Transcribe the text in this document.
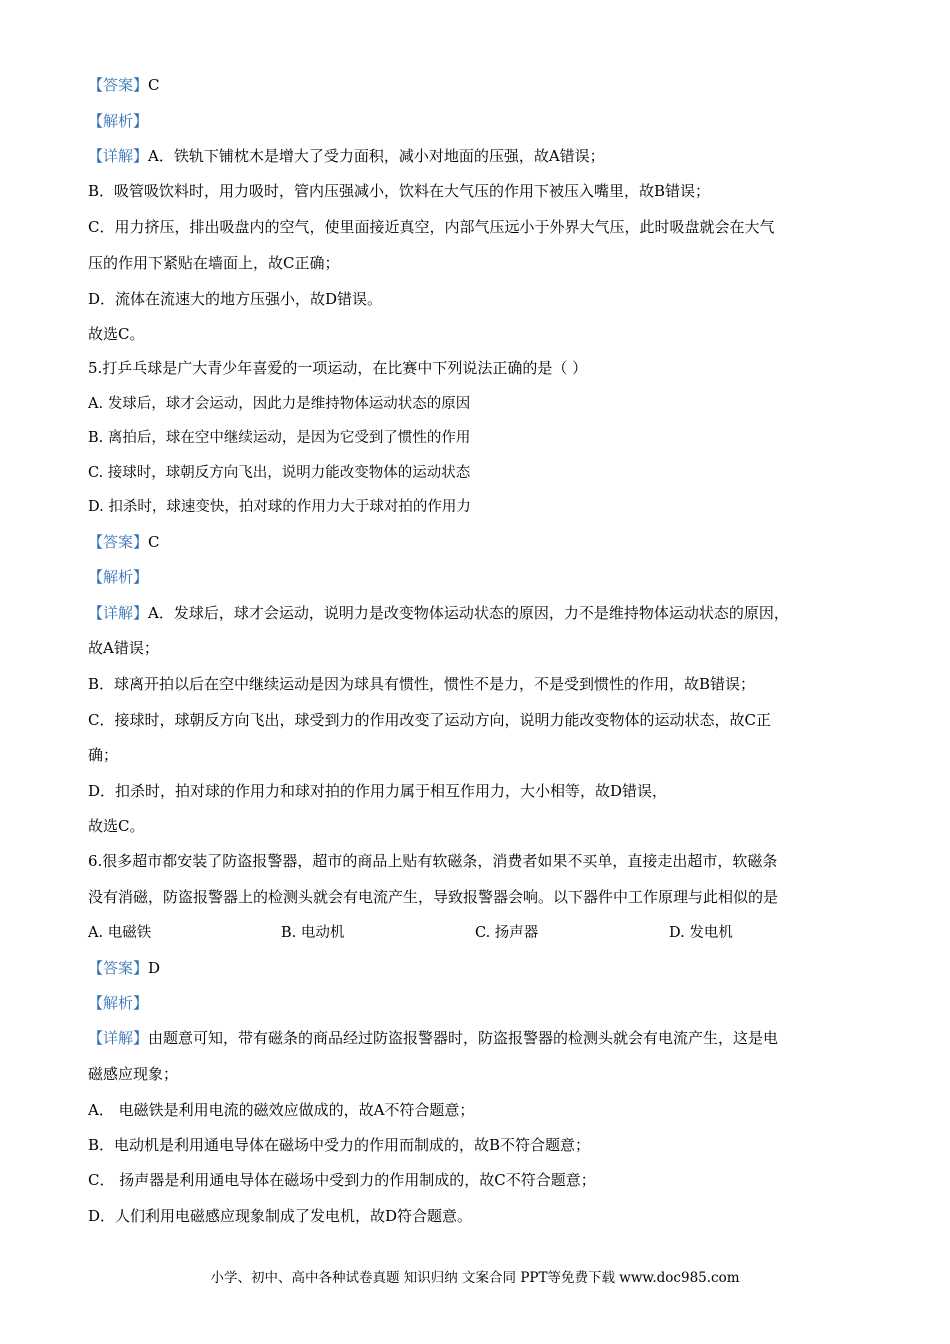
【答案】C
【解析】
【详解】A．铁轨下铺枕木是增大了受力面积，减小对地面的压强，故A错误；
B．吸管吸饮料时，用力吸时，管内压强减小，饮料在大气压的作用下被压入嘴里，故B错误；
C．用力挤压，排出吸盘内的空气，使里面接近真空，内部气压远小于外界大气压，此时吸盘就会在大气
压的作用下紧贴在墙面上，故C正确；
D．流体在流速大的地方压强小，故D错误。
故选C。
5.打乒乓球是广大青少年喜爱的一项运动，在比赛中下列说法正确的是（ ）
A. 发球后，球才会运动，因此力是维持物体运动状态的原因
B. 离拍后，球在空中继续运动，是因为它受到了惯性的作用
C. 接球时，球朝反方向飞出，说明力能改变物体的运动状态
D. 扣杀时，球速变快，拍对球的作用力大于球对拍的作用力
【答案】C
【解析】
【详解】A．发球后，球才会运动，说明力是改变物体运动状态的原因，力不是维持物体运动状态的原因，
故A错误；
B．球离开拍以后在空中继续运动是因为球具有惯性，惯性不是力，不是受到惯性的作用，故B错误；
C．接球时，球朝反方向飞出，球受到力的作用改变了运动方向，说明力能改变物体的运动状态，故C正
确；
D．扣杀时，拍对球的作用力和球对拍的作用力属于相互作用力，大小相等，故D错误，
故选C。
6.很多超市都安装了防盗报警器，超市的商品上贴有软磁条，消费者如果不买单，直接走出超市，软磁条
没有消磁，防盗报警器上的检测头就会有电流产生，导致报警器会响。以下器件中工作原理与此相似的是
A. 电磁铁	B. 电动机	C. 扬声器	D. 发电机
【答案】D
【解析】
【详解】由题意可知，带有磁条的商品经过防盗报警器时，防盗报警器的检测头就会有电流产生，这是电
磁感应现象；
A． 电磁铁是利用电流的磁效应做成的，故A不符合题意；
B．电动机是利用通电导体在磁场中受力的作用而制成的，故B不符合题意；
C． 扬声器是利用通电导体在磁场中受到力的作用制成的，故C不符合题意；
D．人们利用电磁感应现象制成了发电机，故D符合题意。
小学、初中、高中各种试卷真题 知识归纳 文案合同 PPT等免费下载 www.doc985.com
